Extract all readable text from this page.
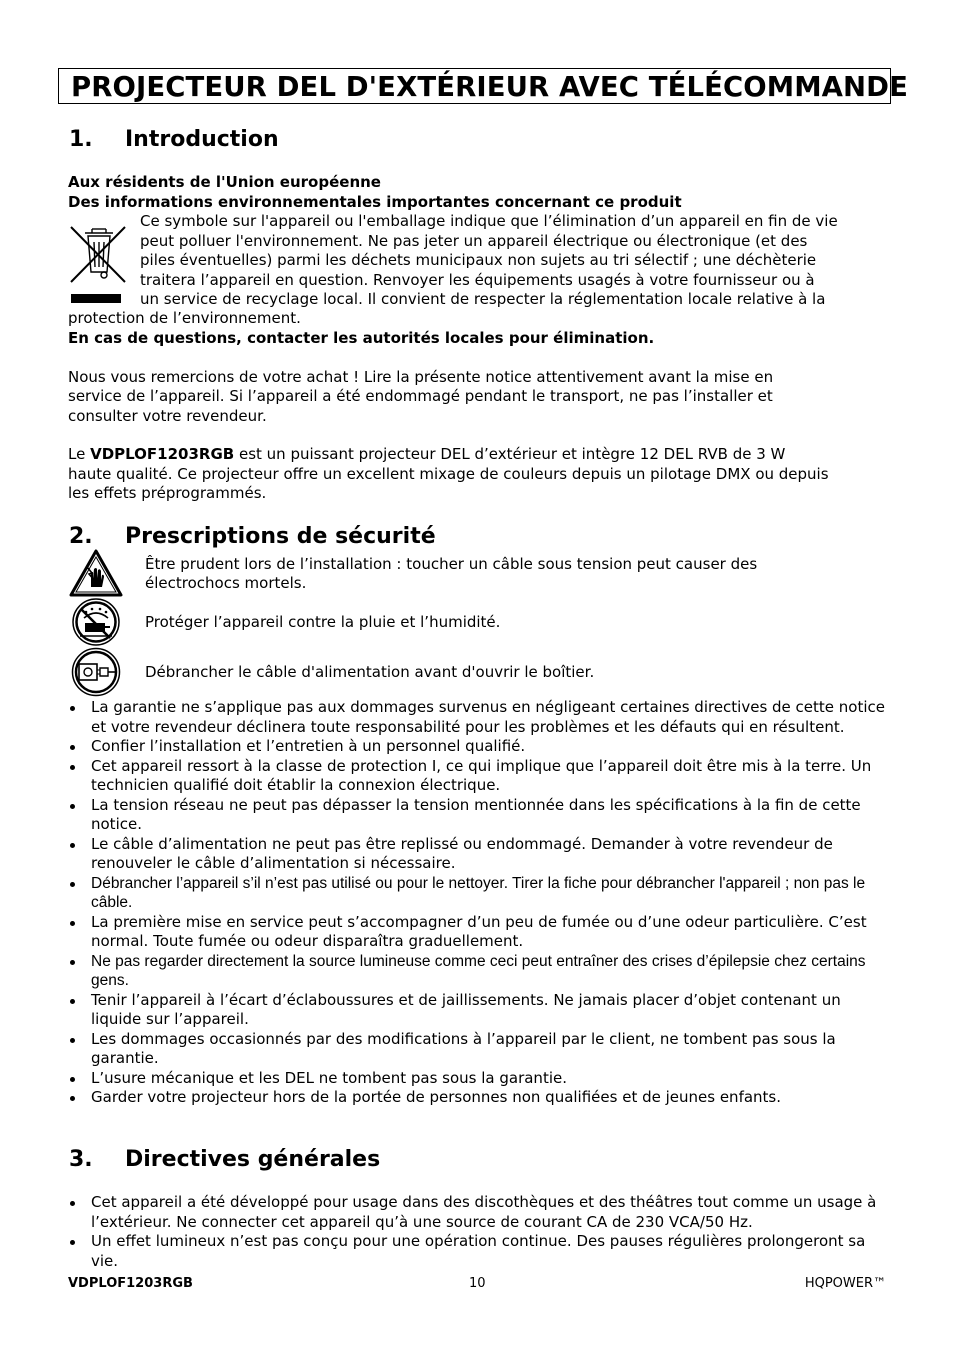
PROJECTEUR DEL D'EXTÉRIEUR AVEC TÉLÉCOMMANDE
1. Introduction
Aux résidents de l'Union européenne
Des informations environnementales importantes concernant ce produit
Ce symbole sur l'appareil ou l'emballage indique que l’élimination d’un appareil en fin de vie
peut polluer l'environnement. Ne pas jeter un appareil électrique ou électronique (et des
piles éventuelles) parmi les déchets municipaux non sujets au tri sélectif ; une déchèterie
traitera l’appareil en question. Renvoyer les équipements usagés à votre fournisseur ou à
un service de recyclage local. Il convient de respecter la réglementation locale relative à la
protection de l’environnement.
En cas de questions, contacter les autorités locales pour élimination.
Nous vous remercions de votre achat ! Lire la présente notice attentivement avant la mise en
service de l’appareil. Si l’appareil a été endommagé pendant le transport, ne pas l’installer et
consulter votre revendeur.
Le VDPLOF1203RGB est un puissant projecteur DEL d’extérieur et intègre 12 DEL RVB de 3 W
haute qualité. Ce projecteur offre un excellent mixage de couleurs depuis un pilotage DMX ou depuis
les effets préprogrammés.
2. Prescriptions de sécurité
Être prudent lors de l’installation : toucher un câble sous tension peut causer des
électrochocs mortels.
Protéger l’appareil contre la pluie et l’humidité.
Débrancher le câble d'alimentation avant d'ouvrir le boîtier.
La garantie ne s’applique pas aux dommages survenus en négligeant certaines directives de cette notice et votre revendeur déclinera toute responsabilité pour les problèmes et les défauts qui en résultent.
Confier l’installation et l’entretien à un personnel qualifié.
Cet appareil ressort à la classe de protection I, ce qui implique que l’appareil doit être mis à la terre. Un technicien qualifié doit établir la connexion électrique.
La tension réseau ne peut pas dépasser la tension mentionnée dans les spécifications à la fin de cette notice.
Le câble d’alimentation ne peut pas être replissé ou endommagé. Demander à votre revendeur de renouveler le câble d’alimentation si nécessaire.
Débrancher l’appareil s’il n’est pas utilisé ou pour le nettoyer. Tirer la fiche pour débrancher l'appareil ; non pas le câble.
La première mise en service peut s’accompagner d’un peu de fumée ou d’une odeur particulière. C’est normal. Toute fumée ou odeur disparaîtra graduellement.
Ne pas regarder directement la source lumineuse comme ceci peut entraîner des crises d’épilepsie chez certains gens.
Tenir l’appareil à l’écart d’éclaboussures et de jaillissements. Ne jamais placer d’objet contenant un liquide sur l’appareil.
Les dommages occasionnés par des modifications à l’appareil par le client, ne tombent pas sous la garantie.
L’usure mécanique et les DEL ne tombent pas sous la garantie.
Garder votre projecteur hors de la portée de personnes non qualifiées et de jeunes enfants.
3. Directives générales
Cet appareil a été développé pour usage dans des discothèques et des théâtres tout comme un usage à l’extérieur. Ne connecter cet appareil qu’à une source de courant CA de 230 VCA/50 Hz.
Un effet lumineux n’est pas conçu pour une opération continue. Des pauses régulières prolongeront sa vie.
VDPLOF1203RGB	10	HQPOWER™
